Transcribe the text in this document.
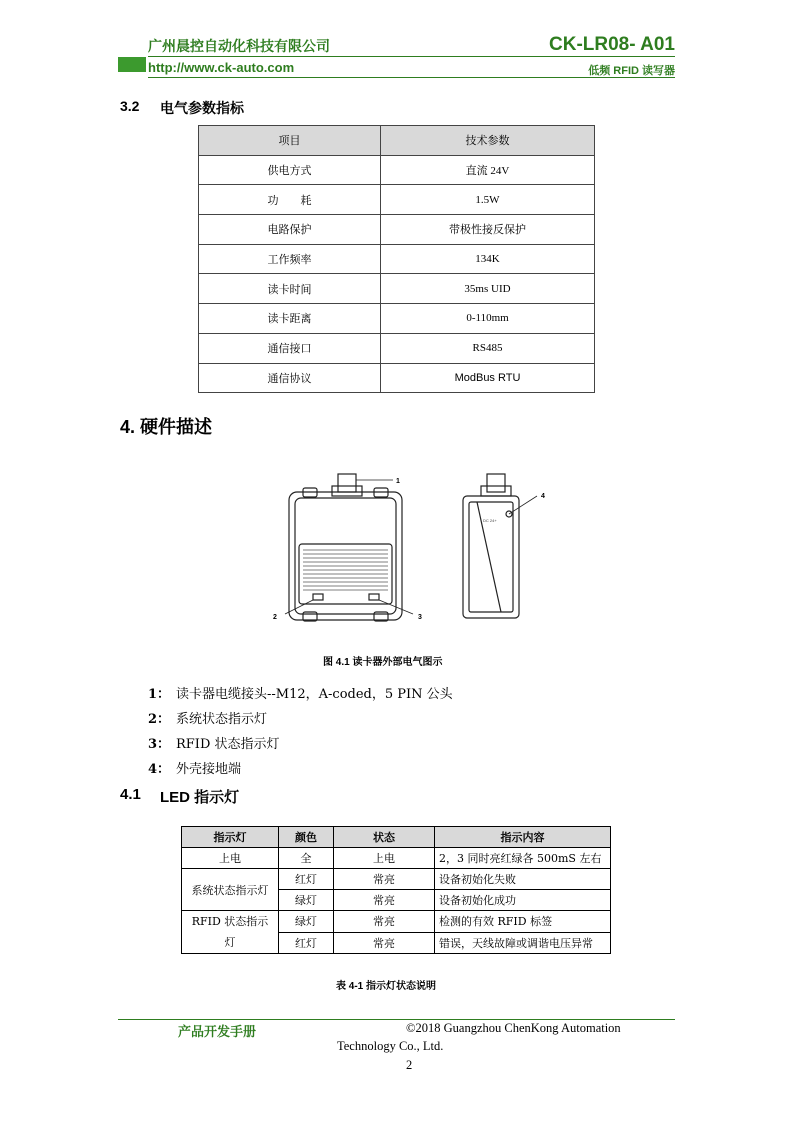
广州晨控自动化科技有限公司	CK-LR08- A01
http://www.ck-auto.com	低频 RFID 读写器
3.2 电气参数指标
项目	技术参数
供电方式	直流 24V
功　　耗	1.5W
电路保护	带极性接反保护
工作频率	134K
读卡时间	35ms UID
读卡距离	0-110mm
通信接口	RS485
通信协议	ModBus RTU
4. 硬件描述
1
2	3
4
DC 24+
图 4.1 读卡器外部电气图示
1： 读卡器电缆接头--M12，A-coded，5 PIN 公头
2： 系统状态指示灯
3： RFID 状态指示灯
4： 外壳接地端
4.1 LED 指示灯
指示灯	颜色	状态	指示内容
上电	全	上电	2，3 同时亮红绿各 500mS 左右
系统状态指示灯	红灯	常亮	设备初始化失败
	绿灯	常亮	设备初始化成功
RFID 状态指示
灯	绿灯	常亮	检测的有效 RFID 标签
	红灯	常亮	错误，天线故障或调谐电压异常
表 4-1 指示灯状态说明
产品开发手册	©2018 Guangzhou ChenKong Automation
Technology Co., Ltd.
2
